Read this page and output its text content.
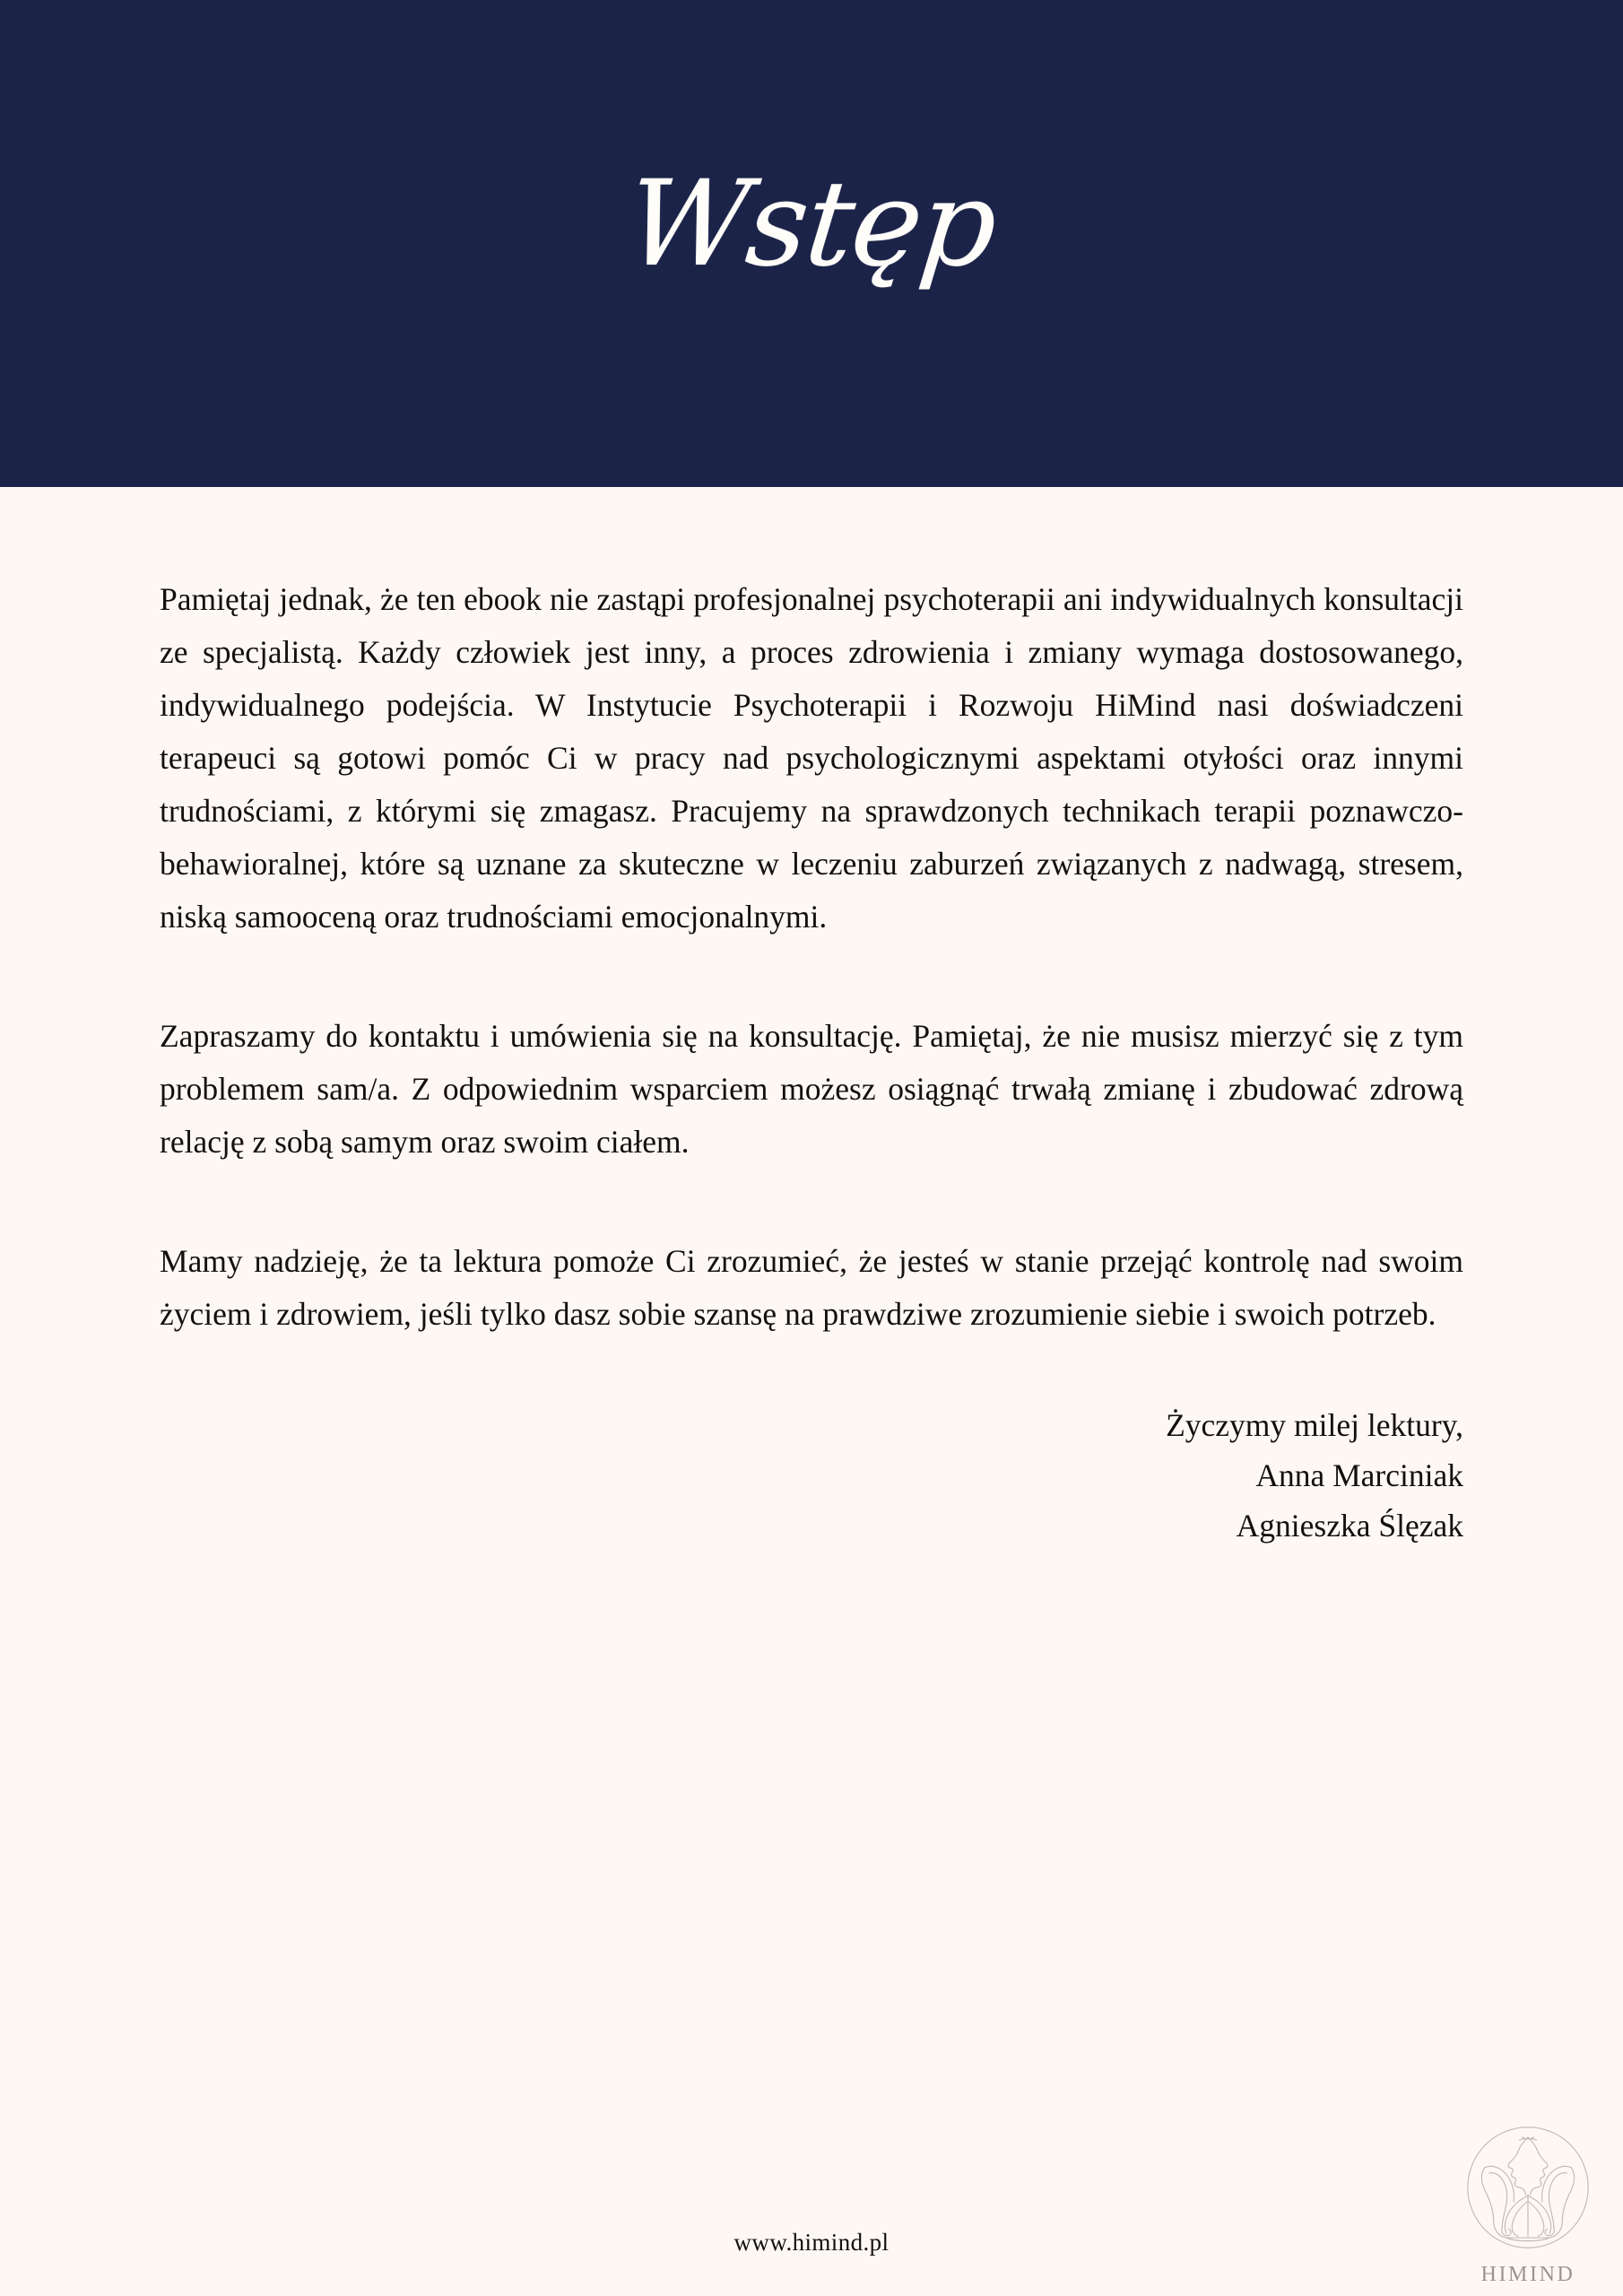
Wstęp

Pamiętaj jednak, że ten ebook nie zastąpi profesjonalnej psychoterapii ani indywidualnych konsultacji ze specjalistą. Każdy człowiek jest inny, a proces zdrowienia i zmiany wymaga dostosowanego, indywidualnego podejścia. W Instytucie Psychoterapii i Rozwoju HiMind nasi doświadczeni terapeuci są gotowi pomóc Ci w pracy nad psychologicznymi aspektami otyłości oraz innymi trudnościami, z którymi się zmagasz. Pracujemy na sprawdzonych technikach terapii poznawczo-behawioralnej, które są uznane za skuteczne w leczeniu zaburzeń związanych z nadwagą, stresem, niską samooceną oraz trudnościami emocjonalnymi.

Zapraszamy do kontaktu i umówienia się na konsultację. Pamiętaj, że nie musisz mierzyć się z tym problemem sam/a. Z odpowiednim wsparciem możesz osiągnąć trwałą zmianę i zbudować zdrową relację z sobą samym oraz swoim ciałem.

Mamy nadzieję, że ta lektura pomoże Ci zrozumieć, że jesteś w stanie przejąć kontrolę nad swoim życiem i zdrowiem, jeśli tylko dasz sobie szansę na prawdziwe zrozumienie siebie i swoich potrzeb.

Życzymy milej lektury,
Anna Marciniak
Agnieszka Ślęzak
www.himind.pl
HIMIND
